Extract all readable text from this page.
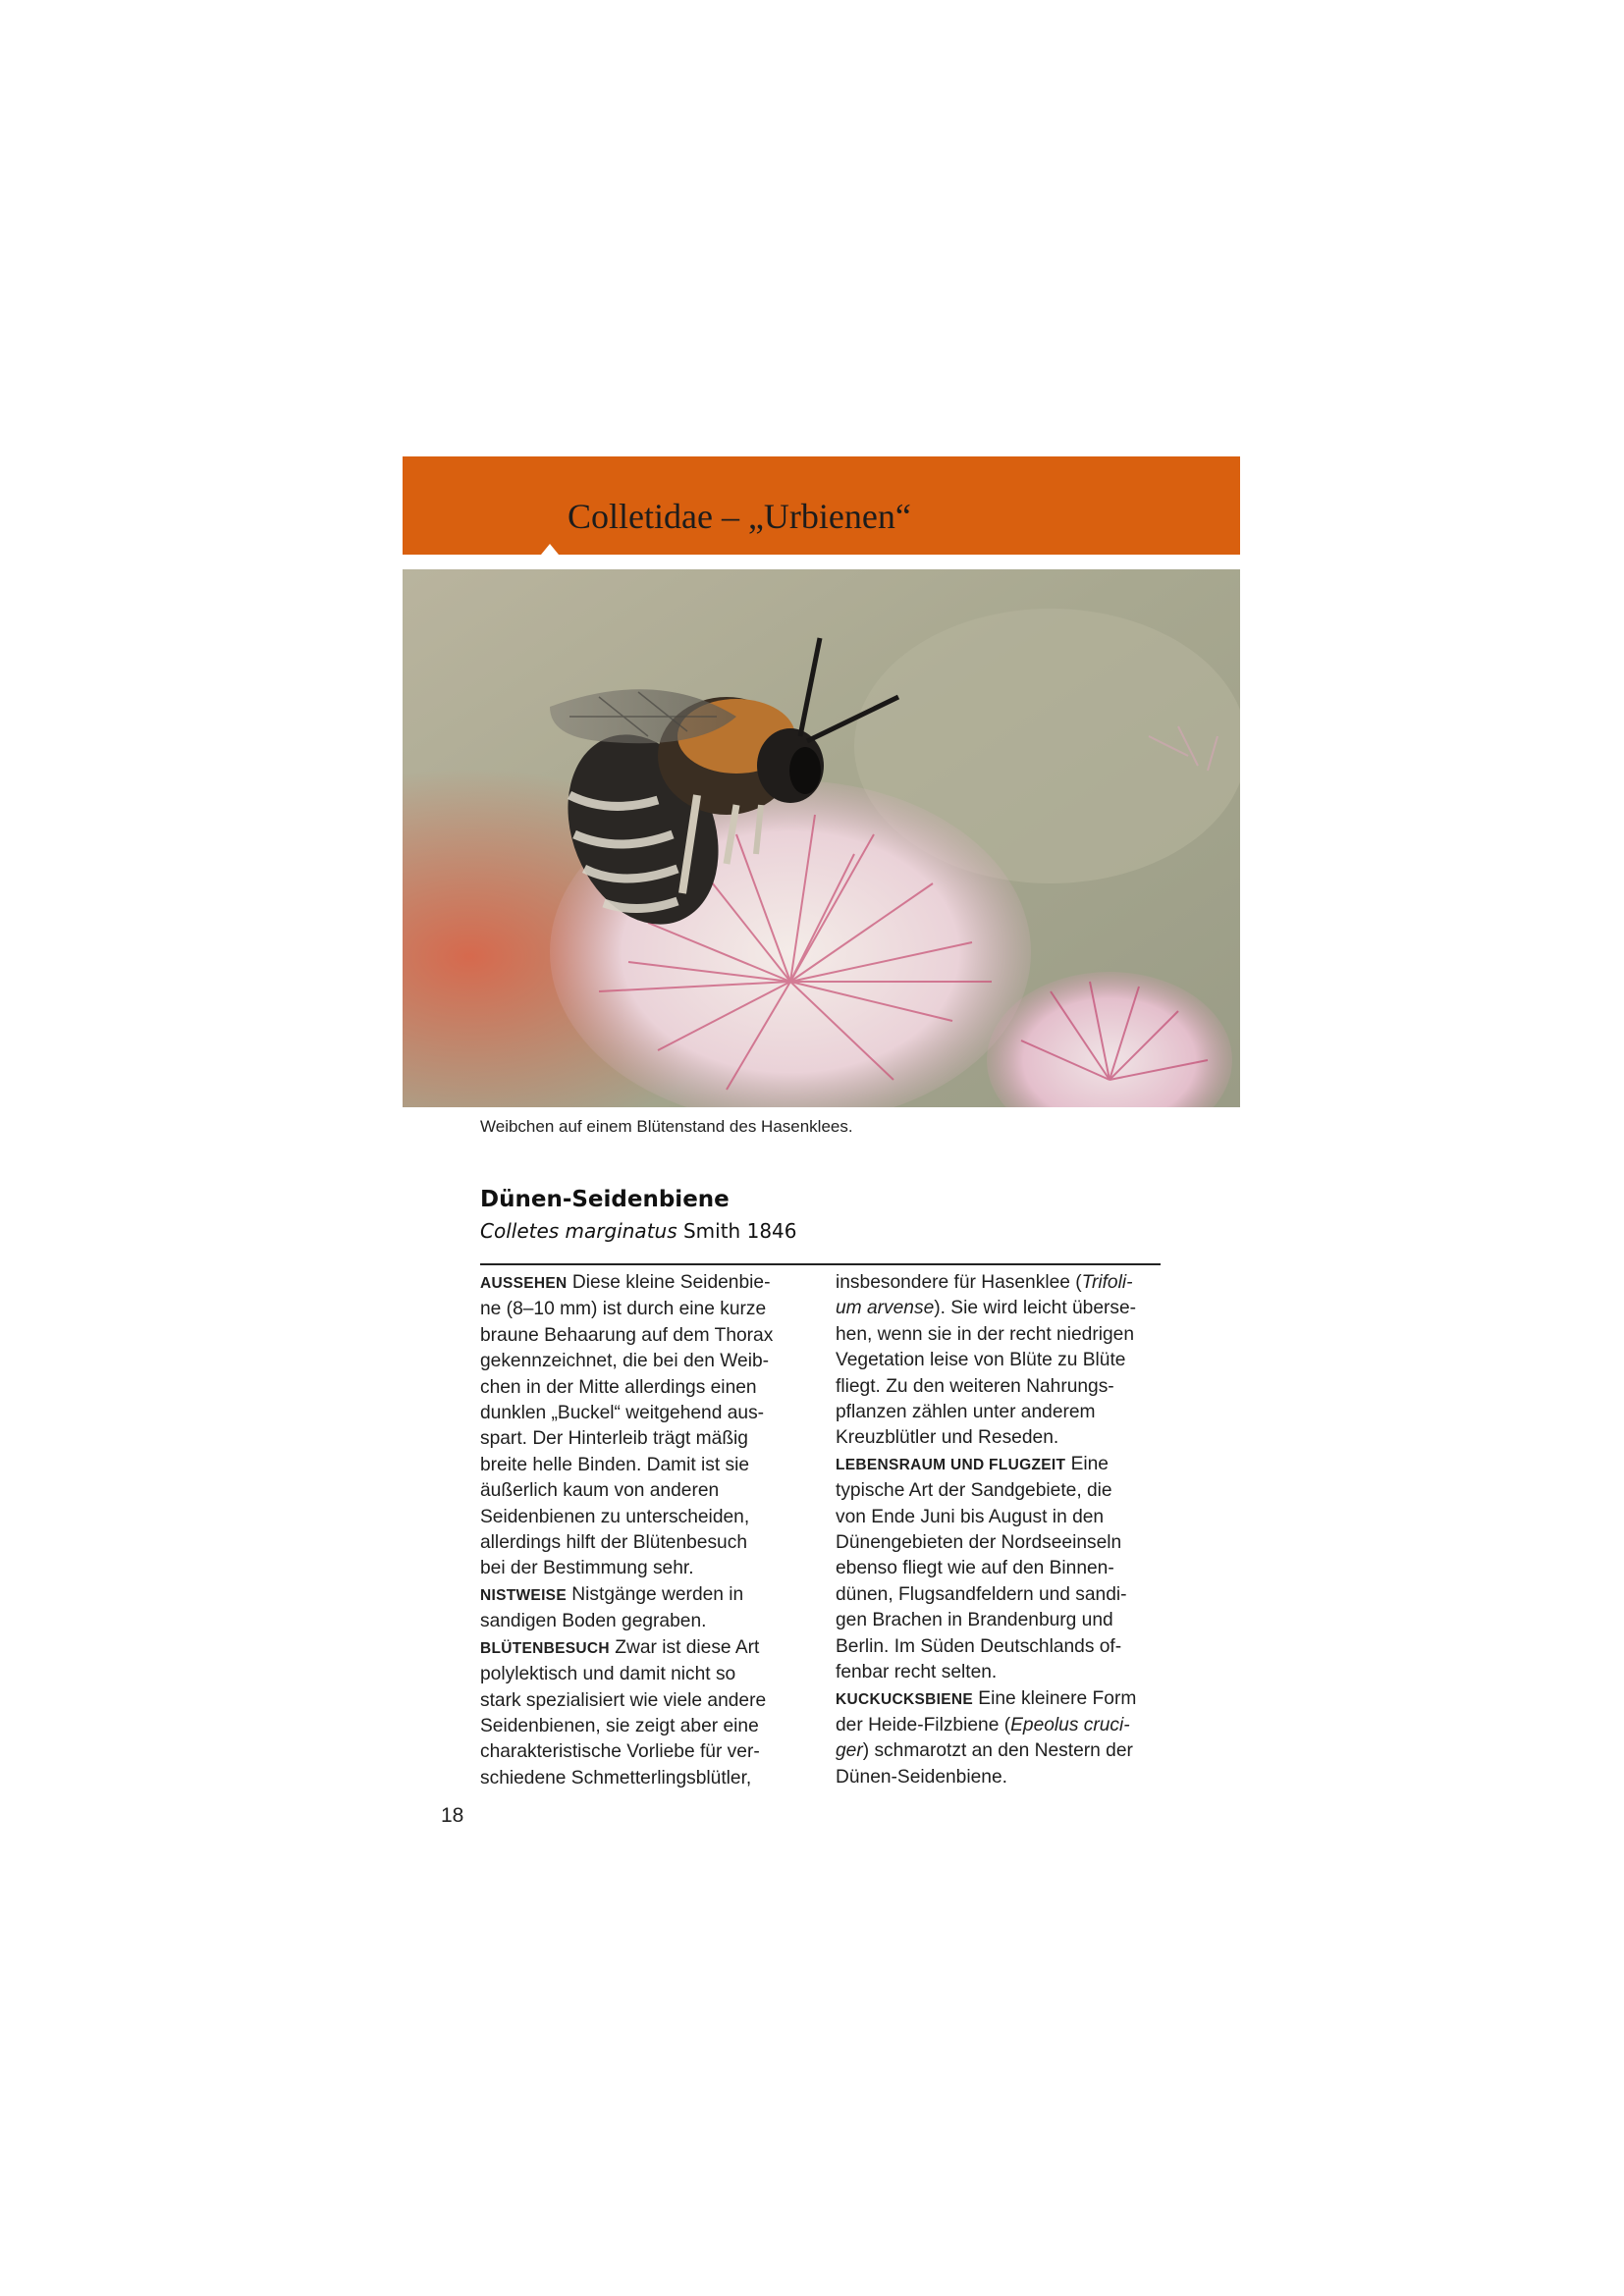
Colletidae – „Urbienen“
Weibchen auf einem Blütenstand des Hasenklees.
Dünen-Seidenbiene
Colletes marginatus Smith 1846
AUSSEHEN Diese kleine Seidenbie-
ne (8–10 mm) ist durch eine kurze
braune Behaarung auf dem Thorax
gekennzeichnet, die bei den Weib-
chen in der Mitte allerdings einen
dunklen „Buckel“ weitgehend aus-
spart. Der Hinterleib trägt mäßig
breite helle Binden. Damit ist sie
äußerlich kaum von anderen
Seidenbienen zu unterscheiden,
allerdings hilft der Blütenbesuch
bei der Bestimmung sehr.
NISTWEISE Nistgänge werden in
sandigen Boden gegraben.
BLÜTENBESUCH Zwar ist diese Art
polylektisch und damit nicht so
stark spezialisiert wie viele andere
Seidenbienen, sie zeigt aber eine
charakteristische Vorliebe für ver-
schiedene Schmetterlingsblütler,
insbesondere für Hasenklee (Trifoli-
um arvense). Sie wird leicht überse-
hen, wenn sie in der recht niedrigen
Vegetation leise von Blüte zu Blüte
fliegt. Zu den weiteren Nahrungs-
pflanzen zählen unter anderem
Kreuzblütler und Reseden.
LEBENSRAUM UND FLUGZEIT Eine
typische Art der Sandgebiete, die
von Ende Juni bis August in den
Dünengebieten der Nordseeinseln
ebenso fliegt wie auf den Binnen-
dünen, Flugsandfeldern und sandi-
gen Brachen in Brandenburg und
Berlin. Im Süden Deutschlands of-
fenbar recht selten.
KUCKUCKSBIENE Eine kleinere Form
der Heide-Filzbiene (Epeolus cruci-
ger) schmarotzt an den Nestern der
Dünen-Seidenbiene.
18
